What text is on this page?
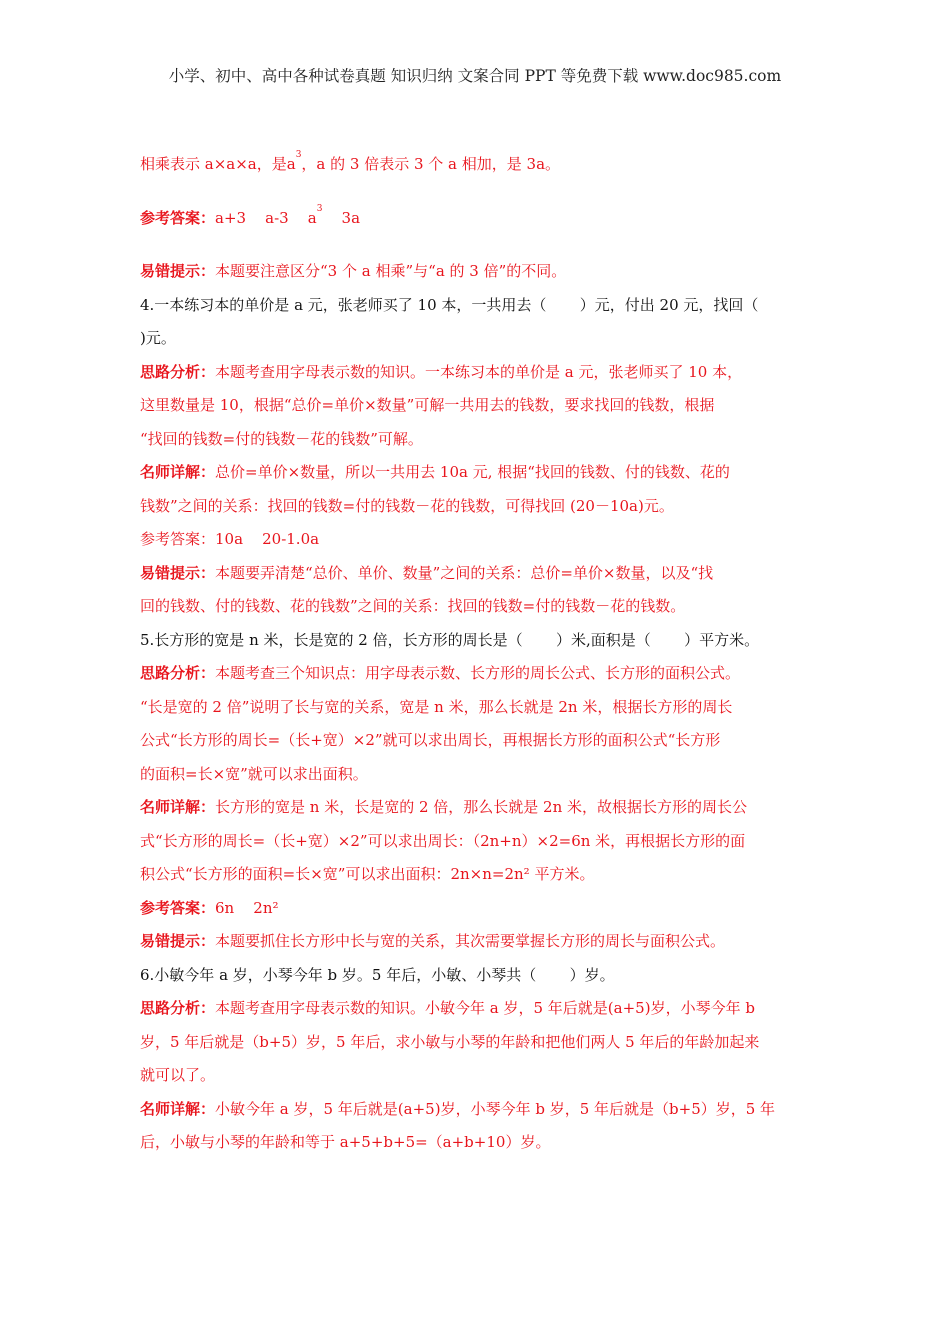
小学、初中、高中各种试卷真题 知识归纳 文案合同 PPT 等免费下载 www.doc985.com
相乘表示 a×a×a，是$a^3$，a 的 3 倍表示 3 个 a 相加，是 3a。
参考答案：a+3    a-3    $a^3$    3a
易错提示：本题要注意区分“3 个 a 相乘”与“a 的 3 倍”的不同。
4.一本练习本的单价是 a 元，张老师买了 10 本，一共用去（       ）元，付出 20 元，找回（
)元。
思路分析：本题考查用字母表示数的知识。一本练习本的单价是 a 元，张老师买了 10 本，
这里数量是 10，根据“总价=单价×数量”可解一共用去的钱数，要求找回的钱数，根据
“找回的钱数=付的钱数－花的钱数”可解。
名师详解：总价=单价×数量，所以一共用去 10a 元, 根据“找回的钱数、付的钱数、花的
钱数”之间的关系：找回的钱数=付的钱数－花的钱数，可得找回 (20－10a)元。
参考答案：10a    20-1.0a
易错提示：本题要弄清楚“总价、单价、数量”之间的关系：总价=单价×数量，以及“找
回的钱数、付的钱数、花的钱数”之间的关系：找回的钱数=付的钱数－花的钱数。
5.长方形的宽是 n 米，长是宽的 2 倍，长方形的周长是（       ）米,面积是（       ）平方米。
思路分析：本题考查三个知识点：用字母表示数、长方形的周长公式、长方形的面积公式。
“长是宽的 2 倍”说明了长与宽的关系，宽是 n 米，那么长就是 2n 米，根据长方形的周长
公式“长方形的周长=（长+宽）×2”就可以求出周长，再根据长方形的面积公式“长方形
的面积=长×宽”就可以求出面积。
名师详解：长方形的宽是 n 米，长是宽的 2 倍，那么长就是 2n 米，故根据长方形的周长公
式“长方形的周长=（长+宽）×2”可以求出周长：（2n+n）×2=6n 米，再根据长方形的面
积公式“长方形的面积=长×宽”可以求出面积：2n×n=2n² 平方米。
参考答案：6n    2n²
易错提示：本题要抓住长方形中长与宽的关系，其次需要掌握长方形的周长与面积公式。
6.小敏今年 a 岁，小琴今年 b 岁。5 年后，小敏、小琴共（       ）岁。
思路分析：本题考查用字母表示数的知识。小敏今年 a 岁，5 年后就是(a+5)岁，小琴今年 b
岁，5 年后就是（b+5）岁，5 年后，求小敏与小琴的年龄和把他们两人 5 年后的年龄加起来
就可以了。
名师详解：小敏今年 a 岁，5 年后就是(a+5)岁，小琴今年 b 岁，5 年后就是（b+5）岁，5 年
后，小敏与小琴的年龄和等于 a+5+b+5=（a+b+10）岁。
